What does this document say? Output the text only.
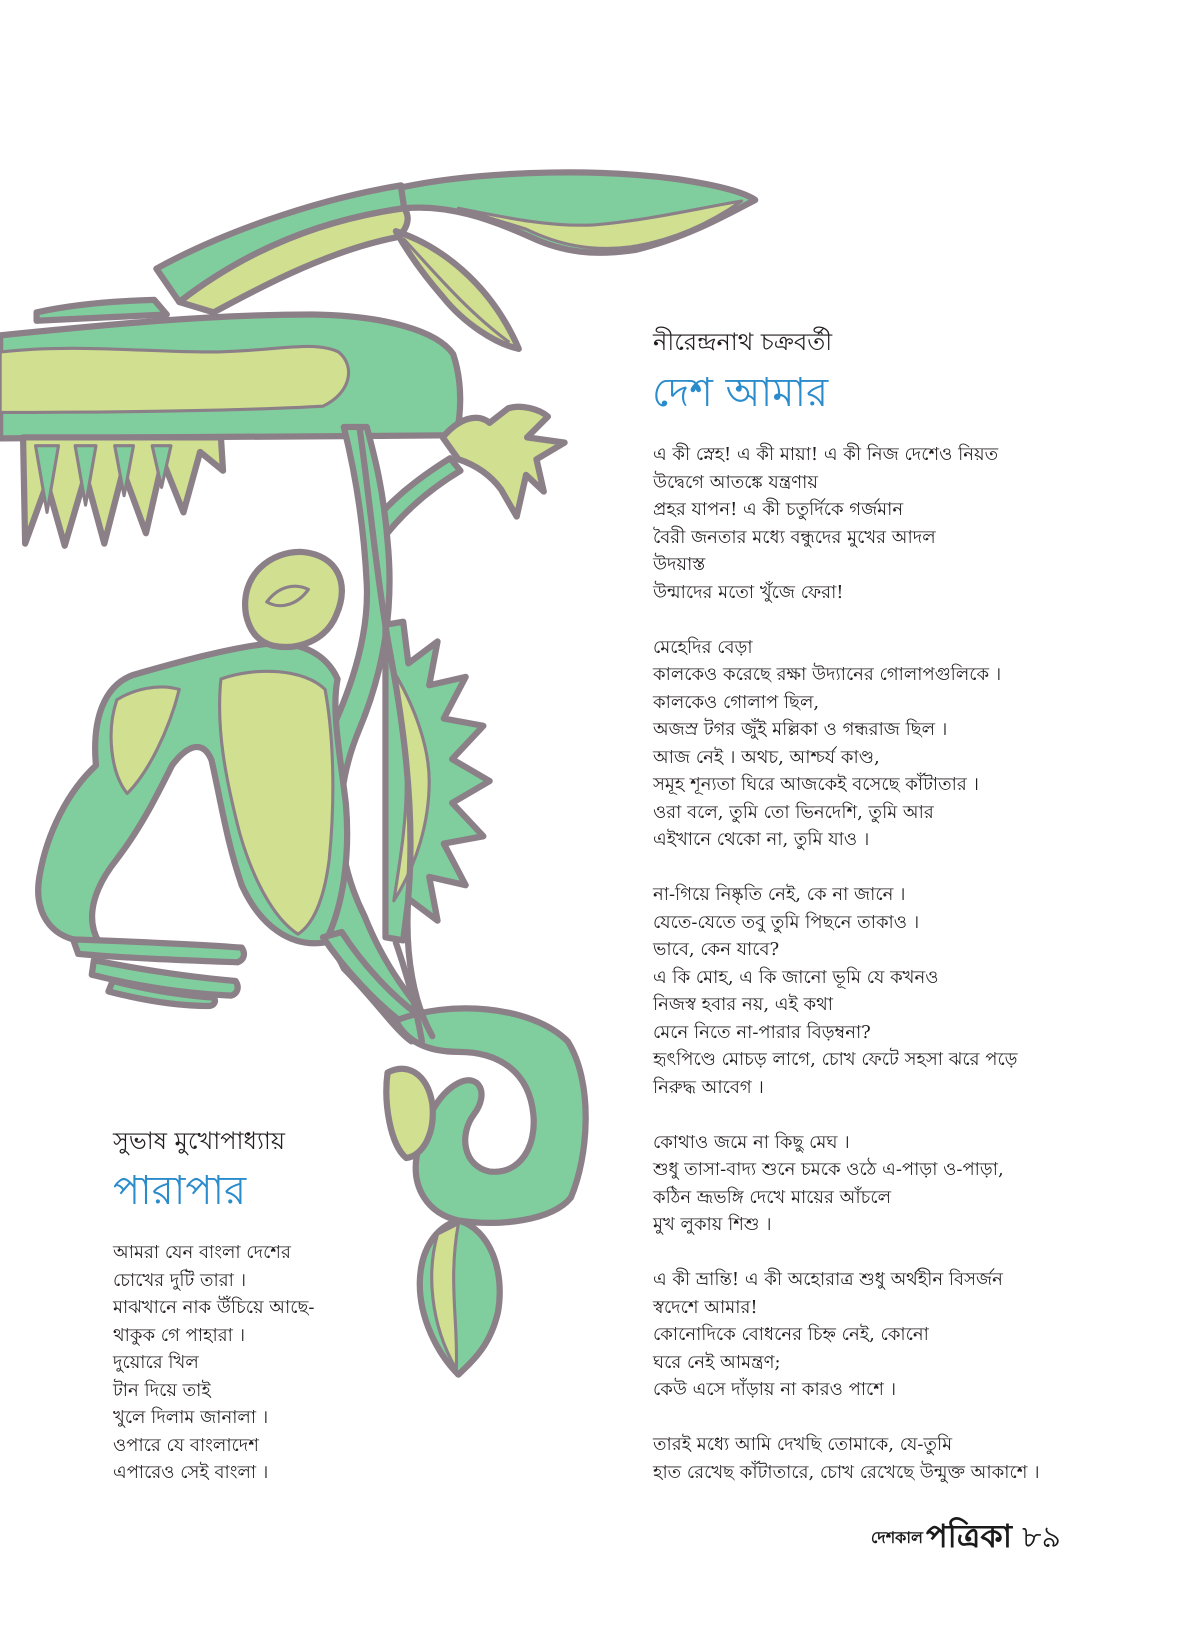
নীরেন্দ্রনাথ চক্রবর্তী
দেশ আমার
এ কী স্নেহ! এ কী মায়া! এ কী নিজ দেশেও নিয়ত
উদ্বেগে আতঙ্কে যন্ত্রণায়
প্রহর যাপন! এ কী চতুর্দিকে গর্জমান
বৈরী জনতার মধ্যে বন্ধুদের মুখের আদল
উদয়াস্ত
উন্মাদের মতো খুঁজে ফেরা!
মেহেদির বেড়া
কালকেও করেছে রক্ষা উদ্যানের গোলাপগুলিকে ।
কালকেও গোলাপ ছিল,
অজস্র টগর জুঁই মল্লিকা ও গন্ধরাজ ছিল ।
আজ নেই । অথচ, আশ্চর্য কাণ্ড,
সমূহ শূন্যতা ঘিরে আজকেই বসেছে কাঁটাতার ।
ওরা বলে, তুমি তো ভিনদেশি, তুমি আর
এইখানে থেকো না, তুমি যাও ।
না-গিয়ে নিষ্কৃতি নেই, কে না জানে ।
যেতে-যেতে তবু তুমি পিছনে তাকাও ।
ভাবে, কেন যাবে?
এ কি মোহ, এ কি জানো ভূমি যে কখনও
নিজস্ব হবার নয়, এই কথা
মেনে নিতে না-পারার বিড়ম্বনা?
হৃৎপিণ্ডে মোচড় লাগে, চোখ ফেটে সহসা ঝরে পড়ে
নিরুদ্ধ আবেগ ।
কোথাও জমে না কিছু মেঘ ।
শুধু তাসা-বাদ্য শুনে চমকে ওঠে এ-পাড়া ও-পাড়া,
কঠিন ভ্রূভঙ্গি দেখে মায়ের আঁচলে
মুখ লুকায় শিশু ।
এ কী ভ্রান্তি! এ কী অহোরাত্র শুধু অর্থহীন বিসর্জন
স্বদেশে আমার!
কোনোদিকে বোধনের চিহ্ন নেই, কোনো
ঘরে নেই আমন্ত্রণ;
কেউ এসে দাঁড়ায় না কারও পাশে ।
তারই মধ্যে আমি দেখছি তোমাকে, যে-তুমি
হাত রেখেছ কাঁটাতারে, চোখ রেখেছে উন্মুক্ত আকাশে ।
সুভাষ মুখোপাধ্যায়
পারাপার
আমরা যেন বাংলা দেশের
চোখের দুটি তারা ।
মাঝখানে নাক উঁচিয়ে আছে-
থাকুক গে পাহারা ।
দুয়োরে খিল
টান দিয়ে তাই
খুলে দিলাম জানালা ।
ওপারে যে বাংলাদেশ
এপারেও সেই বাংলা ।
দেশকাল পত্রিকা ৮৯
